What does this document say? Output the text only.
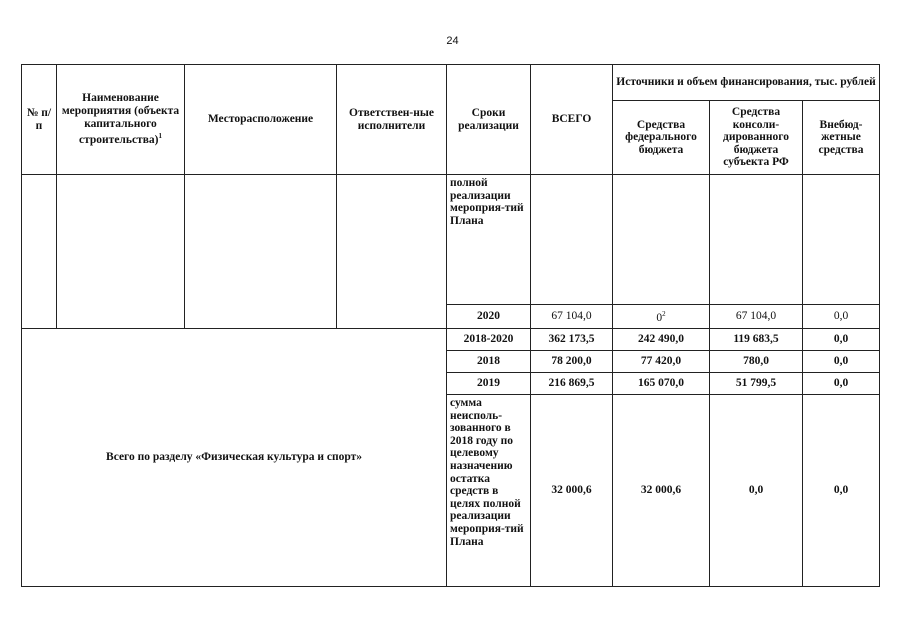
24
№ п/п	Наименование мероприятия (объекта капитального строительства)$^1$	Месторасположение	Ответствен-ные исполнители	Сроки реализации	ВСЕГО	Источники и объем финансирования, тыс. рублей		
						Средства федерального бюджета	Средства консоли-дированного бюджета субъекта РФ	Внебюд-жетные средства
				полной реализации мероприя-тий Плана				
				2020	67 104,0	$0^2$	67 104,0	0,0
Всего по разделу «Физическая культура и спорт»				2018-2020	362 173,5	242 490,0	119 683,5	0,0
				2018	78 200,0	77 420,0	780,0	0,0
				2019	216 869,5	165 070,0	51 799,5	0,0
				сумма неисполь-зованного в 2018 году по целевому назначению остатка средств в целях полной реализации мероприя-тий Плана	32 000,6	32 000,6	0,0	0,0
